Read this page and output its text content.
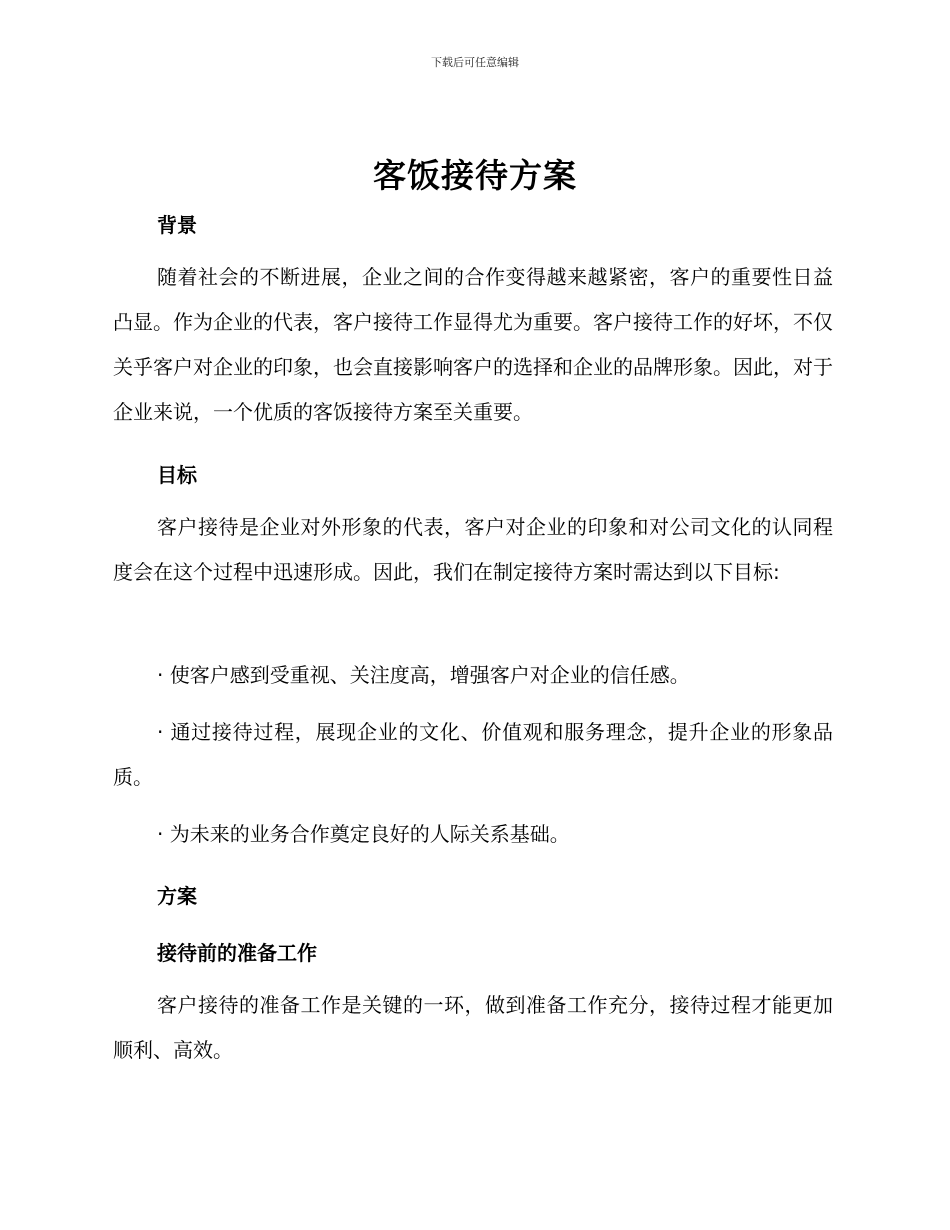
下载后可任意编辑
客饭接待方案
背景
随着社会的不断进展，企业之间的合作变得越来越紧密，客户的重要性日益凸显。作为企业的代表，客户接待工作显得尤为重要。客户接待工作的好坏，不仅关乎客户对企业的印象，也会直接影响客户的选择和企业的品牌形象。因此，对于企业来说，一个优质的客饭接待方案至关重要。
目标
客户接待是企业对外形象的代表，客户对企业的印象和对公司文化的认同程度会在这个过程中迅速形成。因此，我们在制定接待方案时需达到以下目标:
· 使客户感到受重视、关注度高，增强客户对企业的信任感。
· 通过接待过程，展现企业的文化、价值观和服务理念，提升企业的形象品质。
· 为未来的业务合作奠定良好的人际关系基础。
方案
接待前的准备工作
客户接待的准备工作是关键的一环，做到准备工作充分，接待过程才能更加顺利、高效。
